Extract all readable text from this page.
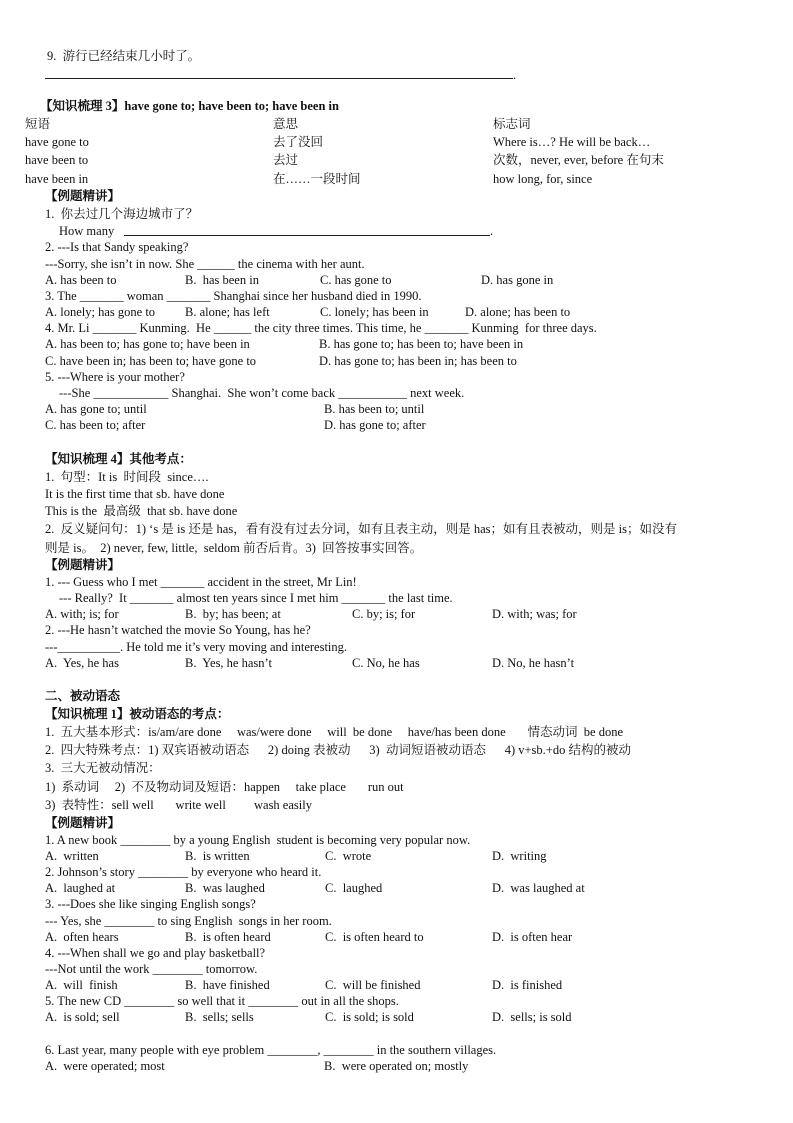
9.  游行已经结束几小时了。
.
【知识梳理 3】have gone to; have been to; have been in
短语	意思	标志词
have gone to	去了没回	Where is…? He will be back…
have been to	去过	次数，never, ever, before 在句末
have been in	在……一段时间	how long, for, since
【例题精讲】
1.  你去过几个海边城市了？
How many	.
2. ---Is that Sandy speaking?
---Sorry, she isn’t in now. She ______ the cinema with her aunt.
A. has been to	B.  has been in	C. has gone to	D. has gone in
3. The _______ woman _______ Shanghai since her husband died in 1990.
A. lonely; has gone to B. alone; has left	C. lonely; has been in	D. alone; has been to
4. Mr. Li _______ Kunming.  He ______ the city three times. This time, he _______ Kunming  for three days.
A. has been to; has gone to; have been in	B. has gone to; has been to; have been in
C. have been in; has been to; have gone to	D. has gone to; has been in; has been to
5. ---Where is your mother?
---She ____________ Shanghai.  She won’t come back ___________ next week.
A. has gone to; until	B. has been to; until
C. has been to; after	D. has gone to; after
【知识梳理 4】其他考点：
1.  句型：It is  时间段  since….
It is the first time that sb. have done
This is the  最高级  that sb. have done
2.  反义疑问句：1) ‘s 是 is 还是 has，看有没有过去分词，如有且表主动，则是 has；如有且表被动，则是 is；如没有
则是 is。  2) never, few, little,  seldom 前否后肯。3)  回答按事实回答。
【例题精讲】
1. --- Guess who I met _______ accident in the street, Mr Lin!
--- Really?  It _______ almost ten years since I met him _______ the last time.
A. with; is; for	B.  by; has been; at	C. by; is; for	D. with; was; for
2. ---He hasn’t watched the movie So Young, has he?
---__________. He told me it’s very moving and interesting.
A.  Yes, he has	B.  Yes, he hasn’t	C. No, he has	D. No, he hasn’t
二、被动语态
【知识梳理 1】被动语态的考点：
1.  五大基本形式：is/am/are done     was/were done     will  be done     have/has been done       情态动词  be done
2.  四大特殊考点：1) 双宾语被动语态      2) doing 表被动      3)  动词短语被动语态      4) v+sb.+do 结构的被动
3.  三大无被动情况：
1)  系动词     2)  不及物动词及短语：happen     take place       run out
3)  表特性：sell well       write well         wash easily
【例题精讲】
1. A new book ________ by a young English  student is becoming very popular now.
A.  written	B.  is written	C.  wrote	D.  writing
2. Johnson’s story ________ by everyone who heard it.
A.  laughed at	B.  was laughed	C.  laughed	D.  was laughed at
3. ---Does she like singing English songs?
--- Yes, she ________ to sing English  songs in her room.
A.  often hears	B.  is often heard	C.  is often heard to	D.  is often hear
4. ---When shall we go and play basketball?
---Not until the work ________ tomorrow.
A.  will  finish	B.  have finished	C.  will be finished	D.  is finished
5. The new CD ________ so well that it ________ out in all the shops.
A.  is sold; sell	B.  sells; sells	C.  is sold; is sold	D.  sells; is sold
6. Last year, many people with eye problem ________, ________ in the southern villages.
A.  were operated; most	B.  were operated on; mostly
